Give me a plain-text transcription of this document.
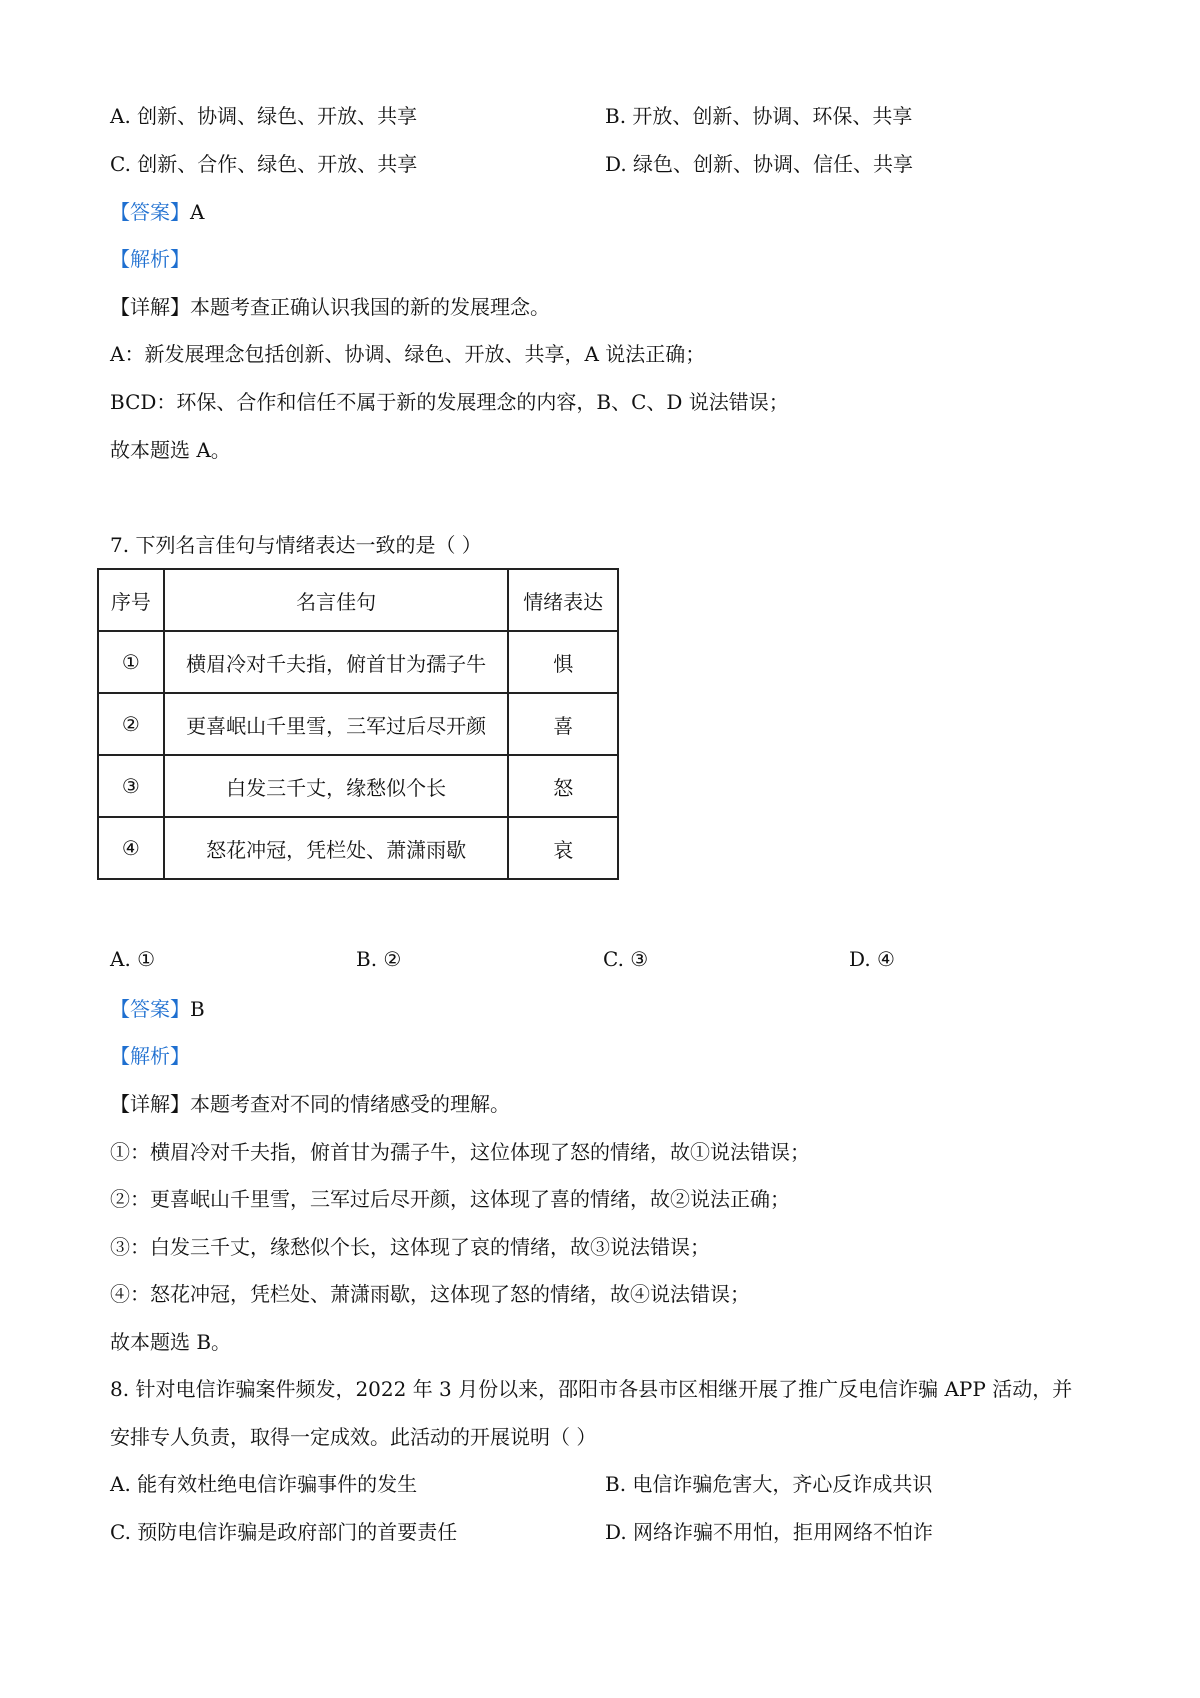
A. 创新、协调、绿色、开放、共享	B. 开放、创新、协调、环保、共享
C. 创新、合作、绿色、开放、共享	D. 绿色、创新、协调、信任、共享
【答案】A
【解析】
【详解】本题考查正确认识我国的新的发展理念。
A：新发展理念包括创新、协调、绿色、开放、共享，A 说法正确；
BCD：环保、合作和信任不属于新的发展理念的内容，B、C、D 说法错误；
故本题选 A。
7. 下列名言佳句与情绪表达一致的是（ ）
序号	名言佳句	情绪表达
①	横眉冷对千夫指，俯首甘为孺子牛	惧
②	更喜岷山千里雪，三军过后尽开颜	喜
③	白发三千丈，缘愁似个长	怒
④	怒花冲冠，凭栏处、萧潇雨歇	哀
A. ①	B. ②	C. ③	D. ④
【答案】B
【解析】
【详解】本题考查对不同的情绪感受的理解。
①：横眉冷对千夫指，俯首甘为孺子牛，这位体现了怒的情绪，故①说法错误；
②：更喜岷山千里雪，三军过后尽开颜，这体现了喜的情绪，故②说法正确；
③：白发三千丈，缘愁似个长，这体现了哀的情绪，故③说法错误；
④：怒花冲冠，凭栏处、萧潇雨歇，这体现了怒的情绪，故④说法错误；
故本题选 B。
8. 针对电信诈骗案件频发，2022 年 3 月份以来，邵阳市各县市区相继开展了推广反电信诈骗 APP 活动，并
安排专人负责，取得一定成效。此活动的开展说明（ ）
A. 能有效杜绝电信诈骗事件的发生	B. 电信诈骗危害大，齐心反诈成共识
C. 预防电信诈骗是政府部门的首要责任	D. 网络诈骗不用怕，拒用网络不怕诈
